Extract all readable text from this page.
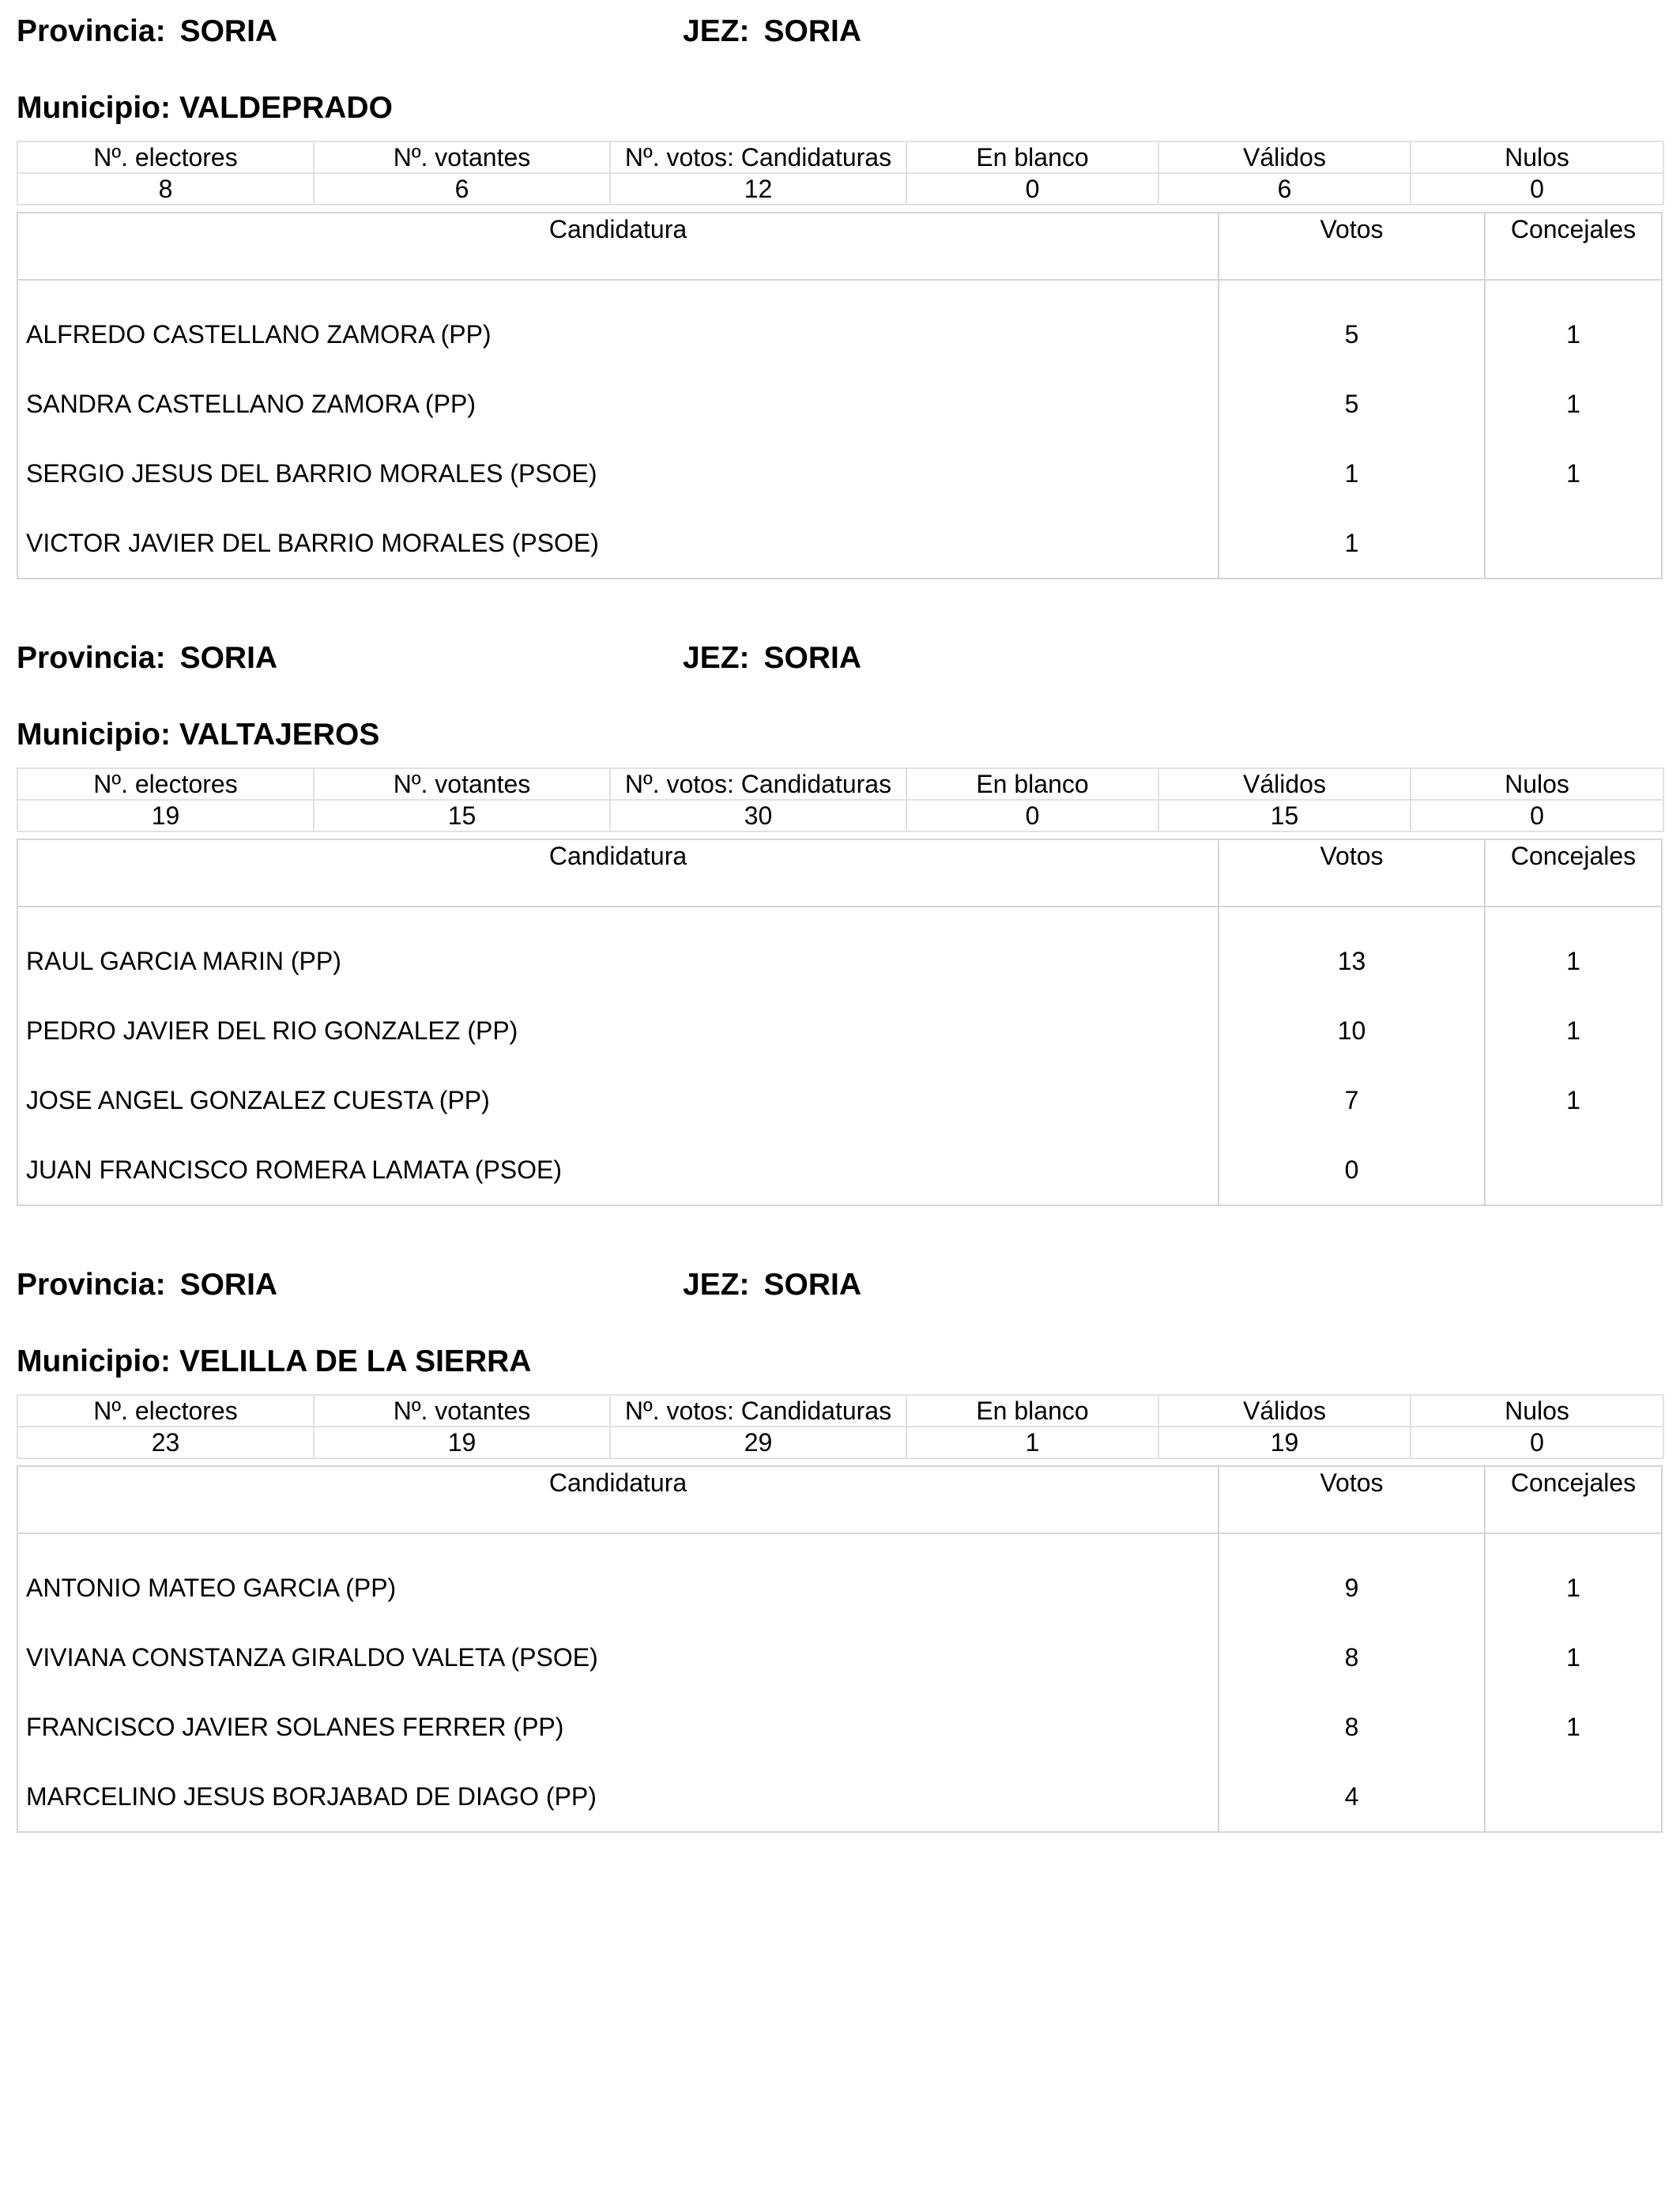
Provincia: SORIA	JEZ: SORIA
Municipio: VALDEPRADO
Nº. electores	Nº. votantes	Nº. votos: Candidaturas	En blanco	Válidos	Nulos
8	6	12	0	6	0
Candidatura	Votos	Concejales

ALFREDO CASTELLANO ZAMORA (PP)	5	1
SANDRA CASTELLANO ZAMORA (PP)	5	1
SERGIO JESUS DEL BARRIO MORALES (PSOE)	1	1
VICTOR JAVIER DEL BARRIO MORALES (PSOE)	1	
Provincia: SORIA	JEZ: SORIA
Municipio: VALTAJEROS
Nº. electores	Nº. votantes	Nº. votos: Candidaturas	En blanco	Válidos	Nulos
19	15	30	0	15	0
Candidatura	Votos	Concejales

RAUL GARCIA MARIN (PP)	13	1
PEDRO JAVIER DEL RIO GONZALEZ (PP)	10	1
JOSE ANGEL GONZALEZ CUESTA (PP)	7	1
JUAN FRANCISCO ROMERA LAMATA (PSOE)	0	
Provincia: SORIA	JEZ: SORIA
Municipio: VELILLA DE LA SIERRA
Nº. electores	Nº. votantes	Nº. votos: Candidaturas	En blanco	Válidos	Nulos
23	19	29	1	19	0
Candidatura	Votos	Concejales

ANTONIO MATEO GARCIA (PP)	9	1
VIVIANA CONSTANZA GIRALDO VALETA (PSOE)	8	1
FRANCISCO JAVIER SOLANES FERRER (PP)	8	1
MARCELINO JESUS BORJABAD DE DIAGO (PP)	4	
